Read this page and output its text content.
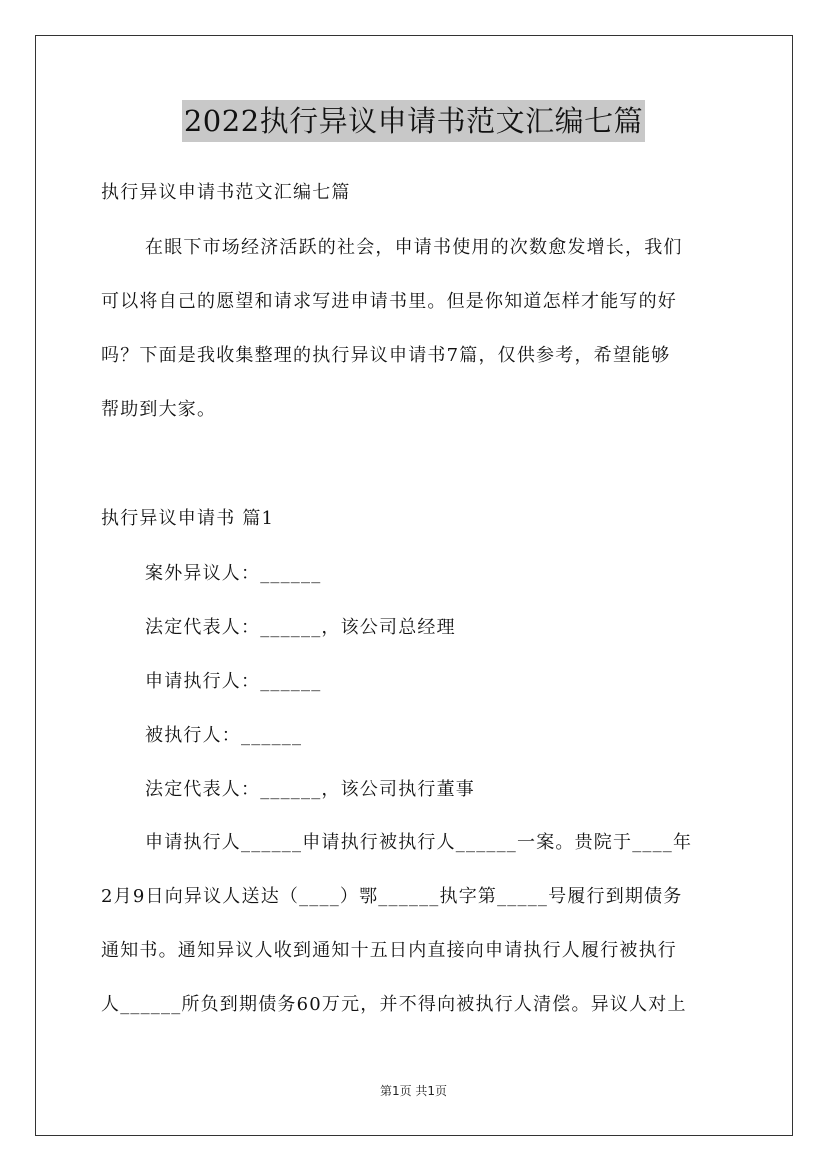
2022执行异议申请书范文汇编七篇
执行异议申请书范文汇编七篇
在眼下市场经济活跃的社会，申请书使用的次数愈发增长，我们
可以将自己的愿望和请求写进申请书里。但是你知道怎样才能写的好
吗？下面是我收集整理的执行异议申请书7篇，仅供参考，希望能够
帮助到大家。
执行异议申请书 篇1
案外异议人：______
法定代表人：______，该公司总经理
申请执行人：______
被执行人：______
法定代表人：______，该公司执行董事
申请执行人______申请执行被执行人______一案。贵院于____年
2月9日向异议人送达（____）鄂______执字第_____号履行到期债务
通知书。通知异议人收到通知十五日内直接向申请执行人履行被执行
人______所负到期债务60万元，并不得向被执行人清偿。异议人对上
第1页 共1页
